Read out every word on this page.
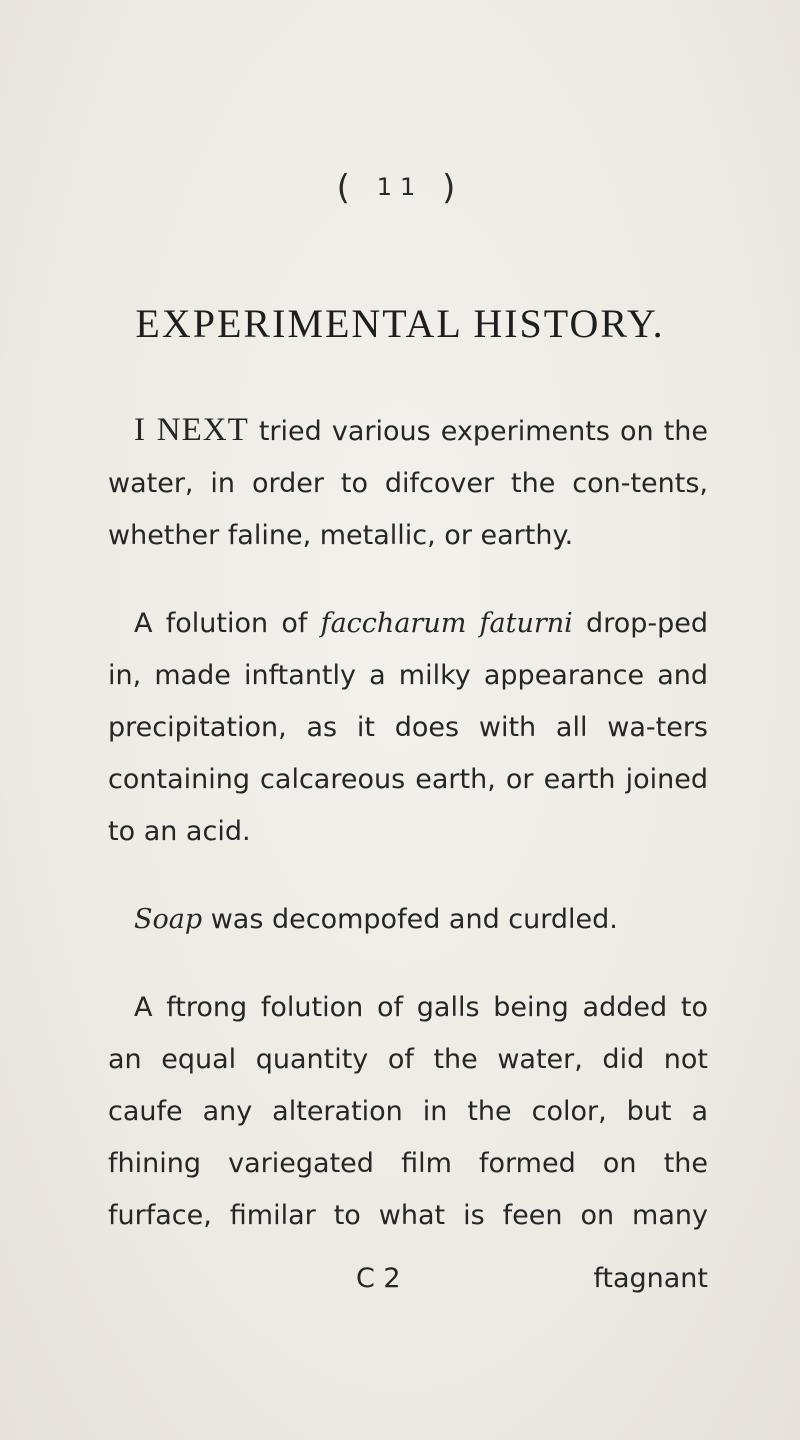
( 11 )
EXPERIMENTAL HISTORY.

I NEXT tried various experiments on the water, in order to difcover the con-tents, whether faline, metallic, or earthy.

A folution of faccharum faturni drop-ped in, made inftantly a milky appearance and precipitation, as it does with all wa-ters containing calcareous earth, or earth joined to an acid.

Soap was decompofed and curdled.

A ftrong folution of galls being added to an equal quantity of the water, did not caufe any alteration in the color, but a fhining variegated film formed on the furface, fimilar to what is feen on many

C 2	ftagnant
